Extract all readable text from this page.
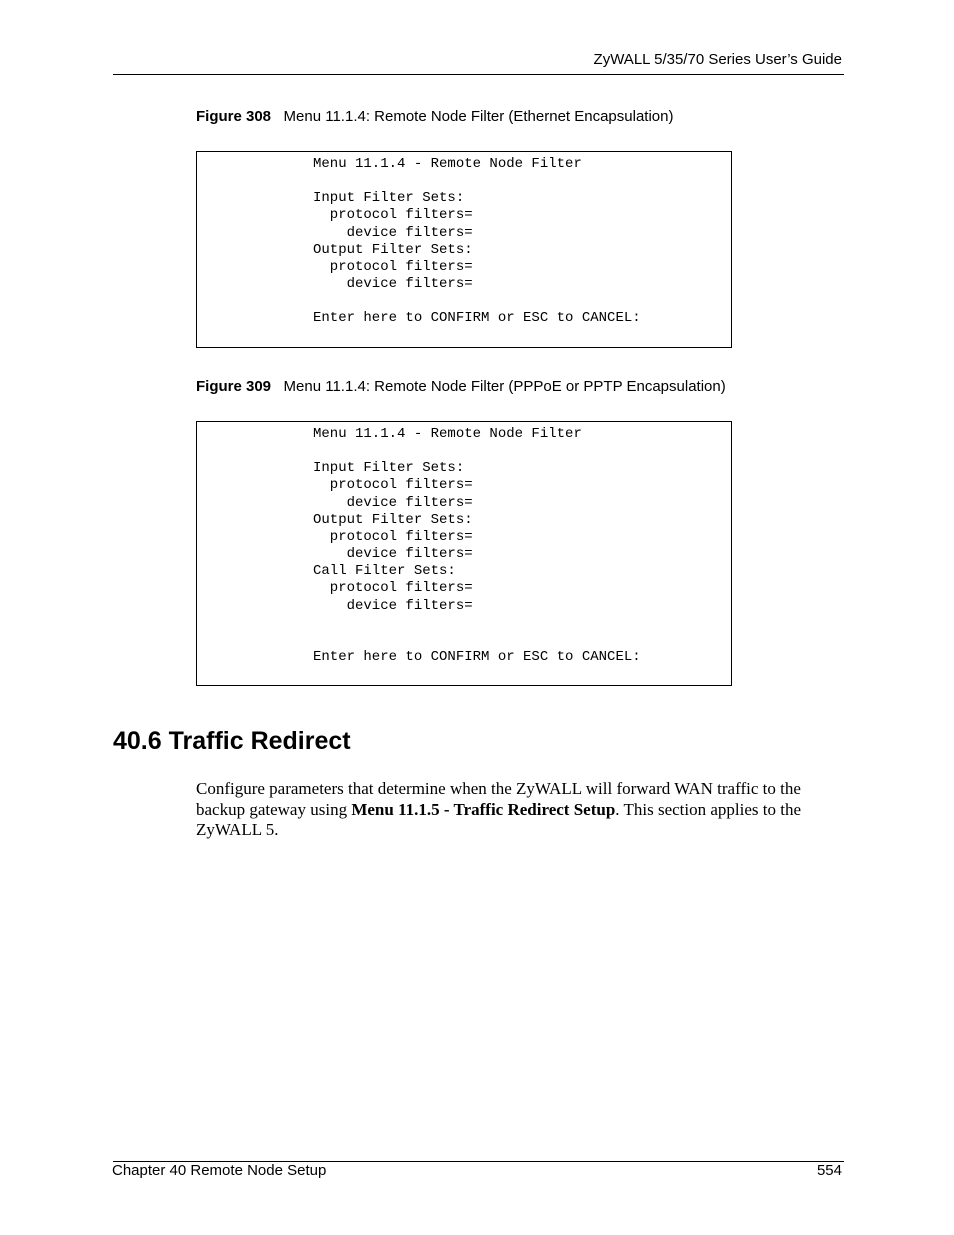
ZyWALL 5/35/70 Series User’s Guide
Figure 308 Menu 11.1.4: Remote Node Filter (Ethernet Encapsulation)
Menu 11.1.4 - Remote Node Filter

Input Filter Sets:
protocol filters=
device filters=
Output Filter Sets:
protocol filters=
device filters=

Enter here to CONFIRM or ESC to CANCEL:
Figure 309 Menu 11.1.4: Remote Node Filter (PPPoE or PPTP Encapsulation)
Menu 11.1.4 - Remote Node Filter

Input Filter Sets:
protocol filters=
device filters=
Output Filter Sets:
protocol filters=
device filters=
Call Filter Sets:
protocol filters=
device filters=

Enter here to CONFIRM or ESC to CANCEL:
40.6 Traffic Redirect

Configure parameters that determine when the ZyWALL will forward WAN traffic to the backup gateway using Menu 11.1.5 - Traffic Redirect Setup. This section applies to the ZyWALL 5.

Chapter 40 Remote Node Setup	554
